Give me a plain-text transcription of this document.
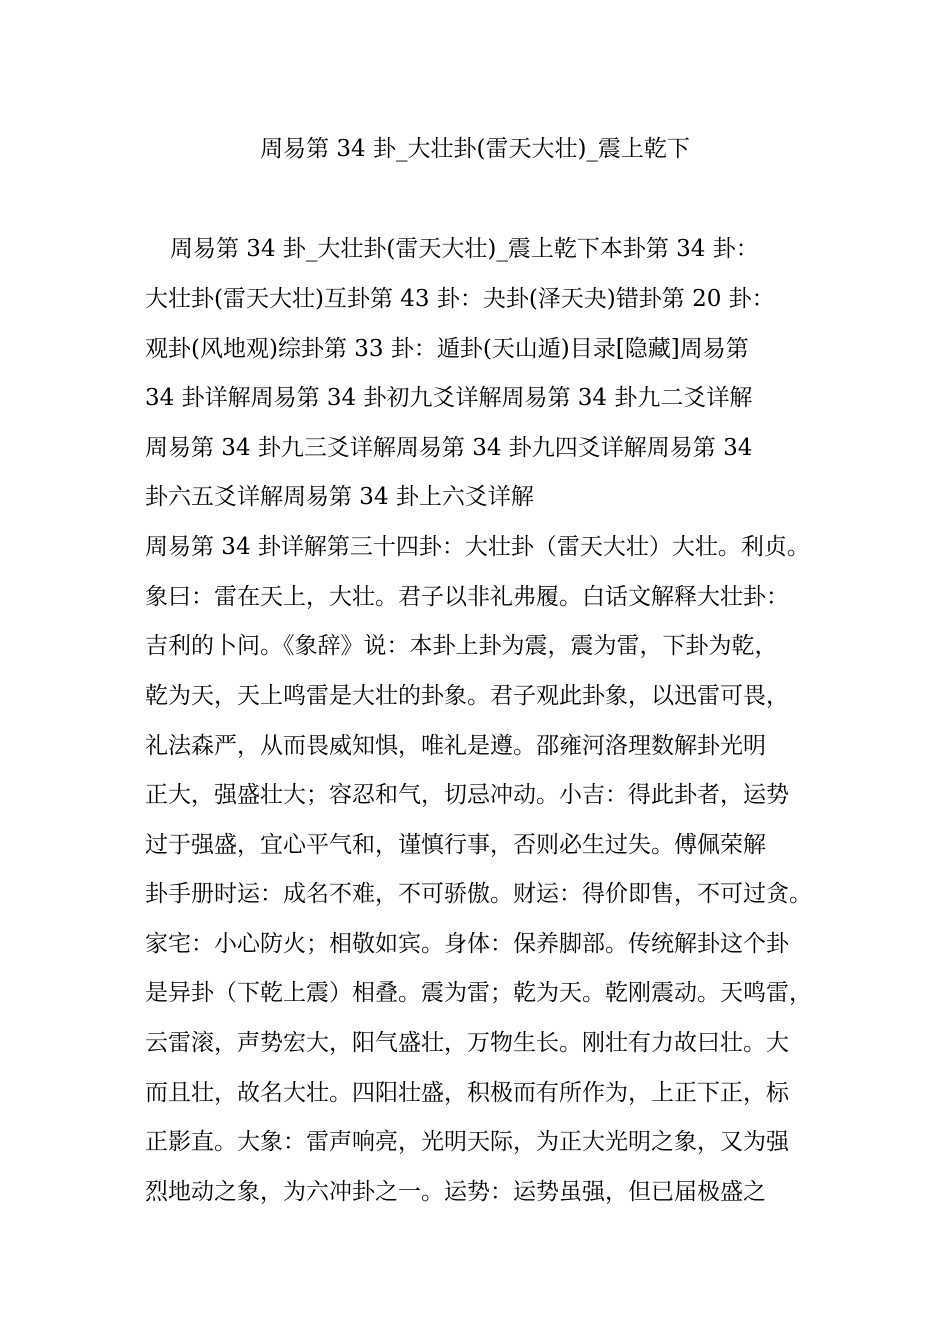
周易第 34 卦_大壮卦(雷天大壮)_震上乾下
周易第 34 卦_大壮卦(雷天大壮)_震上乾下本卦第 34 卦：
大壮卦(雷天大壮)互卦第 43 卦：夬卦(泽天夬)错卦第 20 卦：
观卦(风地观)综卦第 33 卦：遁卦(天山遁)目录[隐藏]周易第
34 卦详解周易第 34 卦初九爻详解周易第 34 卦九二爻详解
周易第 34 卦九三爻详解周易第 34 卦九四爻详解周易第 34
卦六五爻详解周易第 34 卦上六爻详解
周易第 34 卦详解第三十四卦：大壮卦（雷天大壮）大壮。利贞。
象曰：雷在天上，大壮。君子以非礼弗履。白话文解释大壮卦：
吉利的卜问。《象辞》说：本卦上卦为震，震为雷，下卦为乾，
乾为天，天上鸣雷是大壮的卦象。君子观此卦象，以迅雷可畏，
礼法森严，从而畏威知惧，唯礼是遵。邵雍河洛理数解卦光明
正大，强盛壮大；容忍和气，切忌冲动。小吉：得此卦者，运势
过于强盛，宜心平气和，谨慎行事，否则必生过失。傅佩荣解
卦手册时运：成名不难，不可骄傲。财运：得价即售，不可过贪。
家宅：小心防火；相敬如宾。身体：保养脚部。传统解卦这个卦
是异卦（下乾上震）相叠。震为雷；乾为天。乾刚震动。天鸣雷，
云雷滚，声势宏大，阳气盛壮，万物生长。刚壮有力故曰壮。大
而且壮，故名大壮。四阳壮盛，积极而有所作为，上正下正，标
正影直。大象：雷声响亮，光明天际，为正大光明之象，又为强
烈地动之象，为六冲卦之一。运势：运势虽强，但已届极盛之
